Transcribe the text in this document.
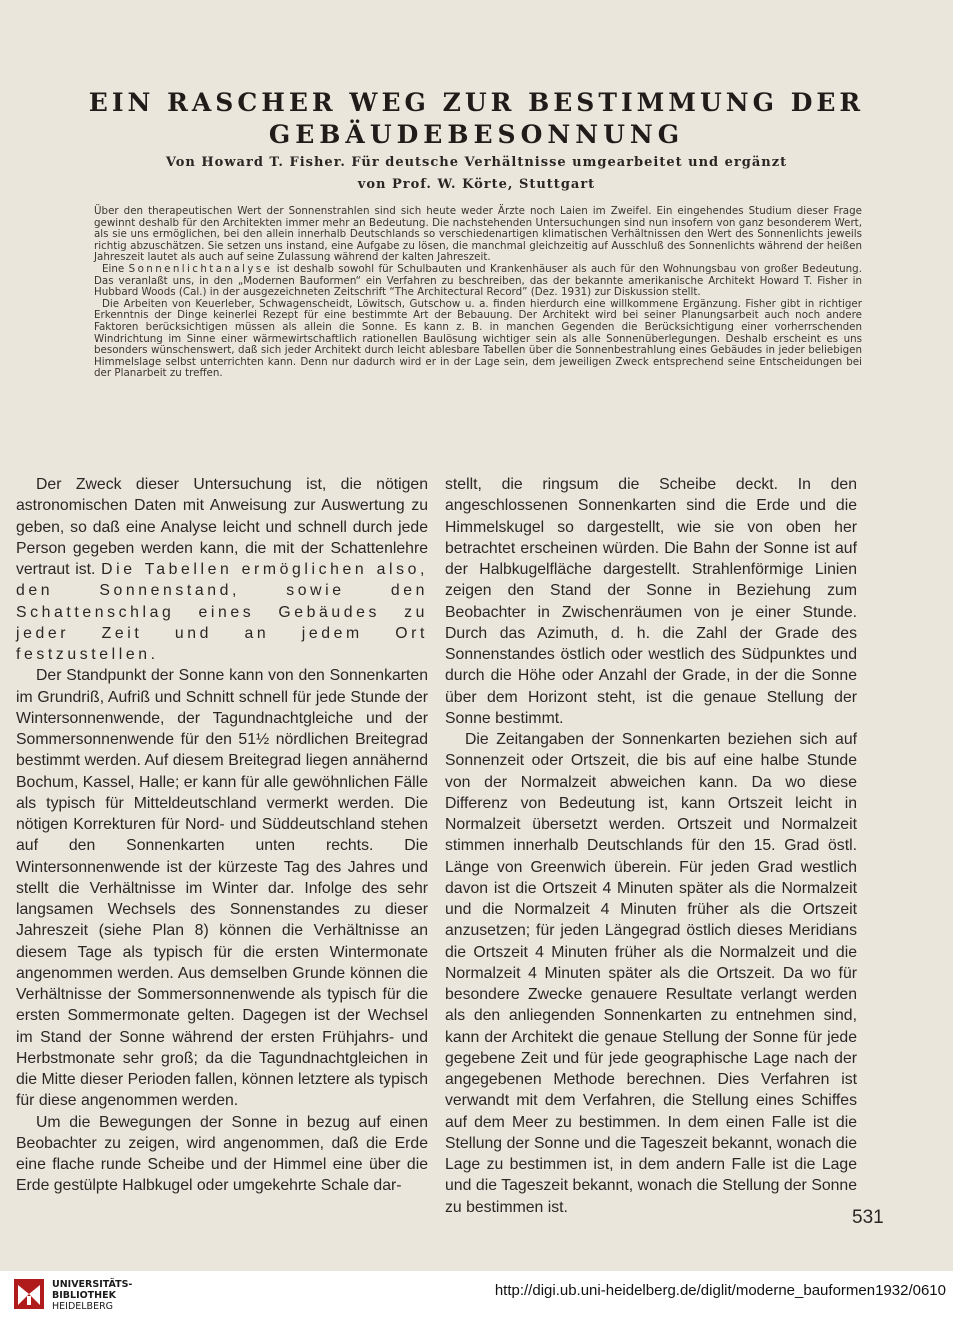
EIN RASCHER WEG ZUR BESTIMMUNG DER
GEBÄUDEBESONNUNG
Von Howard T. Fisher. Für deutsche Verhältnisse umgearbeitet und ergänzt
von Prof. W. Körte, Stuttgart

Über den therapeutischen Wert der Sonnenstrahlen sind sich heute weder Ärzte noch Laien im Zweifel. Ein eingehendes Studium dieser Frage gewinnt deshalb für den Architekten immer mehr an Bedeutung. Die nachstehenden Untersuchungen sind nun insofern von ganz besonderem Wert, als sie uns ermöglichen, bei den allein innerhalb Deutschlands so verschiedenartigen klimatischen Verhältnissen den Wert des Sonnenlichts jeweils richtig abzuschätzen. Sie setzen uns instand, eine Aufgabe zu lösen, die manchmal gleichzeitig auf Ausschluß des Sonnenlichts während der heißen Jahreszeit lautet als auch auf seine Zulassung während der kalten Jahreszeit.

Eine Sonnenlichtanalyse ist deshalb sowohl für Schulbauten und Krankenhäuser als auch für den Wohnungsbau von großer Bedeutung. Das veranlaßt uns, in den „Modernen Bauformen“ ein Verfahren zu beschreiben, das der bekannte amerikanische Architekt Howard T. Fisher in Hubbard Woods (Cal.) in der ausgezeichneten Zeitschrift “The Architectural Record” (Dez. 1931) zur Diskussion stellt.

Die Arbeiten von Keuerleber, Schwagenscheidt, Löwitsch, Gutschow u. a. finden hierdurch eine willkommene Ergänzung. Fisher gibt in richtiger Erkenntnis der Dinge keinerlei Rezept für eine bestimmte Art der Bebauung. Der Architekt wird bei seiner Planungsarbeit auch noch andere Faktoren berücksichtigen müssen als allein die Sonne. Es kann z. B. in manchen Gegenden die Berücksichtigung einer vorherrschenden Windrichtung im Sinne einer wärmewirtschaftlich rationellen Baulösung wichtiger sein als alle Sonnenüberlegungen. Deshalb erscheint es uns besonders wünschenswert, daß sich jeder Architekt durch leicht ablesbare Tabellen über die Sonnenbestrahlung eines Gebäudes in jeder beliebigen Himmelslage selbst unterrichten kann. Denn nur dadurch wird er in der Lage sein, dem jeweiligen Zweck entsprechend seine Entscheidungen bei der Planarbeit zu treffen.

Der Zweck dieser Untersuchung ist, die nötigen astronomischen Daten mit Anweisung zur Auswertung zu geben, so daß eine Analyse leicht und schnell durch jede Person gegeben werden kann, die mit der Schattenlehre vertraut ist. Die Tabellen ermöglichen also, den Sonnenstand, sowie den Schattenschlag eines Gebäudes zu jeder Zeit und an jedem Ort festzustellen.

Der Standpunkt der Sonne kann von den Sonnenkarten im Grundriß, Aufriß und Schnitt schnell für jede Stunde der Wintersonnenwende, der Tagundnachtgleiche und der Sommersonnenwende für den 51½ nördlichen Breitegrad bestimmt werden. Auf diesem Breitegrad liegen annähernd Bochum, Kassel, Halle; er kann für alle gewöhnlichen Fälle als typisch für Mitteldeutschland vermerkt werden. Die nötigen Korrekturen für Nord- und Süddeutschland stehen auf den Sonnenkarten unten rechts. Die Wintersonnenwende ist der kürzeste Tag des Jahres und stellt die Verhältnisse im Winter dar. Infolge des sehr langsamen Wechsels des Sonnenstandes zu dieser Jahreszeit (siehe Plan 8) können die Verhältnisse an diesem Tage als typisch für die ersten Wintermonate angenommen werden. Aus demselben Grunde können die Verhältnisse der Sommersonnenwende als typisch für die ersten Sommermonate gelten. Dagegen ist der Wechsel im Stand der Sonne während der ersten Frühjahrs- und Herbstmonate sehr groß; da die Tagundnachtgleichen in die Mitte dieser Perioden fallen, können letztere als typisch für diese angenommen werden.

Um die Bewegungen der Sonne in bezug auf einen Beobachter zu zeigen, wird angenommen, daß die Erde eine flache runde Scheibe und der Himmel eine über die Erde gestülpte Halbkugel oder umgekehrte Schale dar-

stellt, die ringsum die Scheibe deckt. In den angeschlossenen Sonnenkarten sind die Erde und die Himmelskugel so dargestellt, wie sie von oben her betrachtet erscheinen würden. Die Bahn der Sonne ist auf der Halbkugelfläche dargestellt. Strahlenförmige Linien zeigen den Stand der Sonne in Beziehung zum Beobachter in Zwischenräumen von je einer Stunde. Durch das Azimuth, d. h. die Zahl der Grade des Sonnenstandes östlich oder westlich des Südpunktes und durch die Höhe oder Anzahl der Grade, in der die Sonne über dem Horizont steht, ist die genaue Stellung der Sonne bestimmt.

Die Zeitangaben der Sonnenkarten beziehen sich auf Sonnenzeit oder Ortszeit, die bis auf eine halbe Stunde von der Normalzeit abweichen kann. Da wo diese Differenz von Bedeutung ist, kann Ortszeit leicht in Normalzeit übersetzt werden. Ortszeit und Normalzeit stimmen innerhalb Deutschlands für den 15. Grad östl. Länge von Greenwich überein. Für jeden Grad westlich davon ist die Ortszeit 4 Minuten später als die Normalzeit und die Normalzeit 4 Minuten früher als die Ortszeit anzusetzen; für jeden Längegrad östlich dieses Meridians die Ortszeit 4 Minuten früher als die Normalzeit und die Normalzeit 4 Minuten später als die Ortszeit. Da wo für besondere Zwecke genauere Resultate verlangt werden als den anliegenden Sonnenkarten zu entnehmen sind, kann der Architekt die genaue Stellung der Sonne für jede gegebene Zeit und für jede geographische Lage nach der angegebenen Methode berechnen. Dies Verfahren ist verwandt mit dem Verfahren, die Stellung eines Schiffes auf dem Meer zu bestimmen. In dem einen Falle ist die Stellung der Sonne und die Tageszeit bekannt, wonach die Lage zu bestimmen ist, in dem andern Falle ist die Lage und die Tageszeit bekannt, wonach die Stellung der Sonne zu bestimmen ist.	531
UNIVERSITÄTS-
BIBLIOTHEK
HEIDELBERG
http://digi.ub.uni-heidelberg.de/diglit/moderne_bauformen1932/0610
